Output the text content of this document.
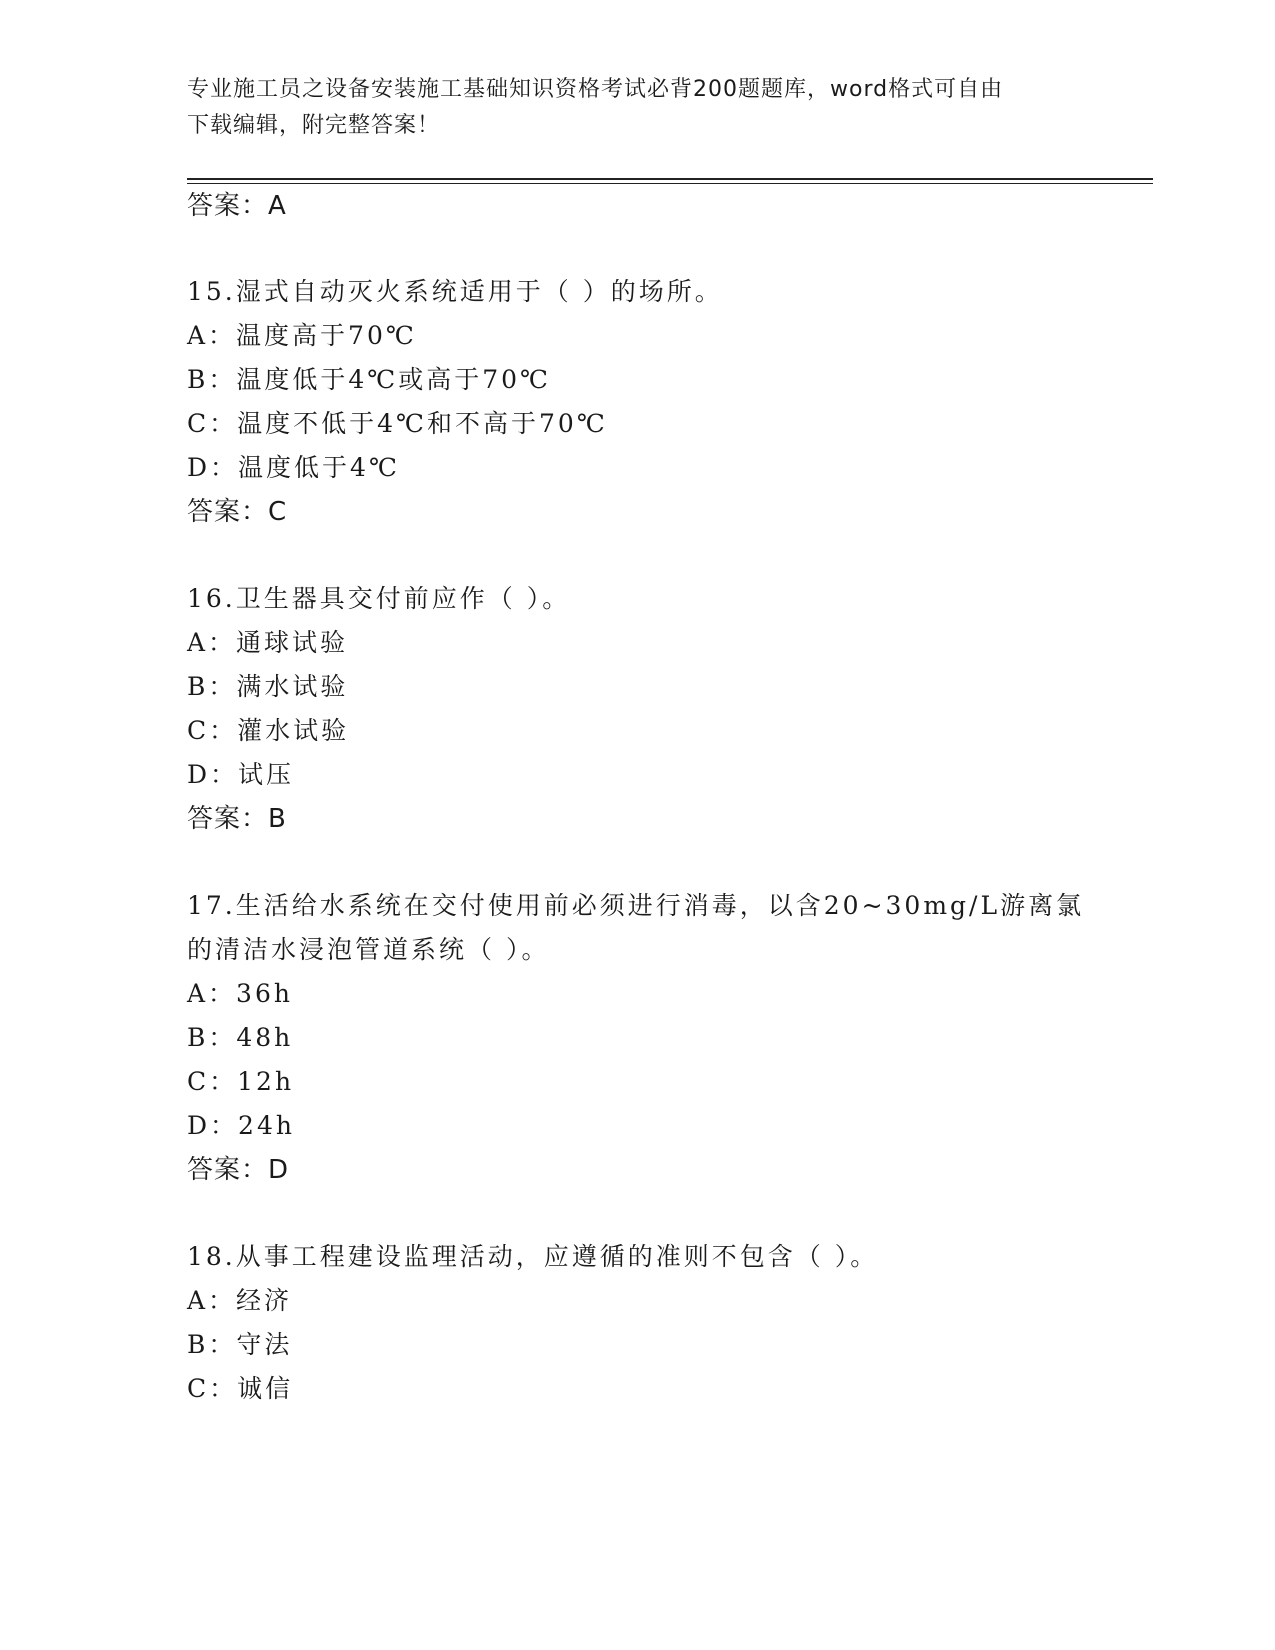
专业施工员之设备安装施工基础知识资格考试必背200题题库，word格式可自由
下载编辑，附完整答案！
答案：A
15.湿式自动灭火系统适用于（ ）的场所。
A：温度高于70℃
B：温度低于4℃或高于70℃
C：温度不低于4℃和不高于70℃
D：温度低于4℃
答案：C
16.卫生器具交付前应作（ ）。
A：通球试验
B：满水试验
C：灌水试验
D：试压
答案：B
17.生活给水系统在交付使用前必须进行消毒，以含20~30mg/L游离氯
的清洁水浸泡管道系统（ ）。
A：36h
B：48h
C：12h
D：24h
答案：D
18.从事工程建设监理活动，应遵循的准则不包含（ ）。
A：经济
B：守法
C：诚信
